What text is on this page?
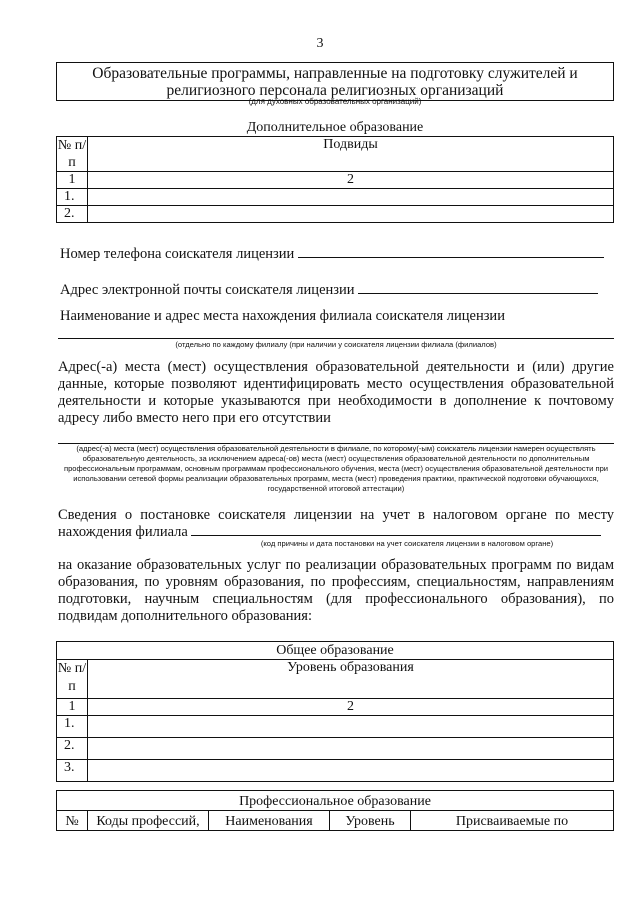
3
Образовательные программы, направленные на подготовку служителей и религиозного персонала религиозных организаций
(для духовных образовательных организаций)
Дополнительное образование	
№ п/п	Подвиды
1	2
1.	
2.	
Номер телефона соискателя лицензии
Адрес электронной почты соискателя лицензии
Наименование и адрес места нахождения филиала соискателя лицензии
(отдельно по каждому филиалу (при наличии у соискателя лицензии филиала (филиалов)
Адрес(-а) места (мест) осуществления образовательной деятельности и (или) другие данные, которые позволяют идентифицировать место осуществления образовательной деятельности и которые указываются при необходимости в дополнение к почтовому адресу либо вместо него при его отсутствии
(адрес(-а) места (мест) осуществления образовательной деятельности в филиале, по которому(-ым) соискатель лицензии намерен осуществлять образовательную деятельность, за исключением адреса(-ов) места (мест) осуществления образовательной деятельности по дополнительным профессиональным программам, основным программам профессионального обучения, места (мест) осуществления образовательной деятельности при использовании сетевой формы реализации образовательных программ, места (мест) проведения практики, практической подготовки обучающихся, государственной итоговой аттестации)
Сведения о постановке соискателя лицензии на учет в налоговом органе по месту
нахождения филиала
(код причины и дата постановки на учет соискателя лицензии в налоговом органе)
на оказание образовательных услуг по реализации образовательных программ по видам образования, по уровням образования, по профессиям, специальностям, направлениям подготовки, научным специальностям (для профессионального образования), по подвидам дополнительного образования:
Общее образование	
№ п/п	Уровень образования
1	2
1.	
2.	
3.	
Профессиональное образование
№	Коды профессий,	Наименования	Уровень	Присваиваемые по
